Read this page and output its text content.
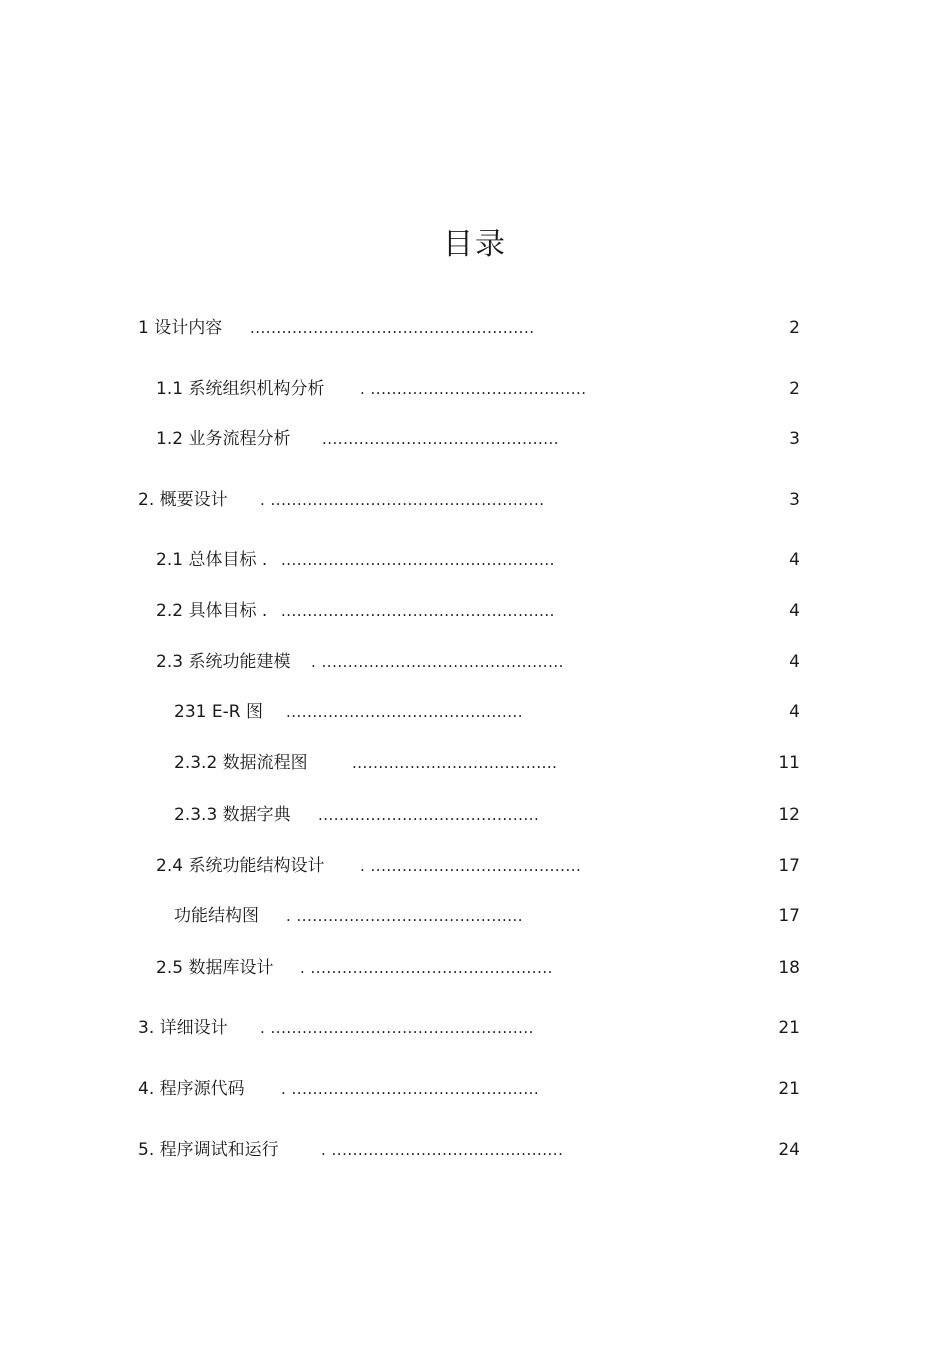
目录
1 设计内容 ......................................................	2
1.1 系统组织机构分析 . .........................................	2
1.2 业务流程分析 .............................................	3
2. 概要设计 . ....................................................	3
2.1 总体目标 . ....................................................	4
2.2 具体目标 . ....................................................	4
2.3 系统功能建模 . ..............................................	4
231 E-R 图 .............................................	4
2.3.2 数据流程图	.......................................	11
2.3.3 数据字典 ..........................................	12
2.4 系统功能结构设计 . ........................................	17
功能结构图 . ...........................................	17
2.5 数据库设计 . ..............................................	18
3. 详细设计 . ..................................................	21
4. 程序源代码 . ...............................................	21
5. 程序调试和运行	. ............................................	24
